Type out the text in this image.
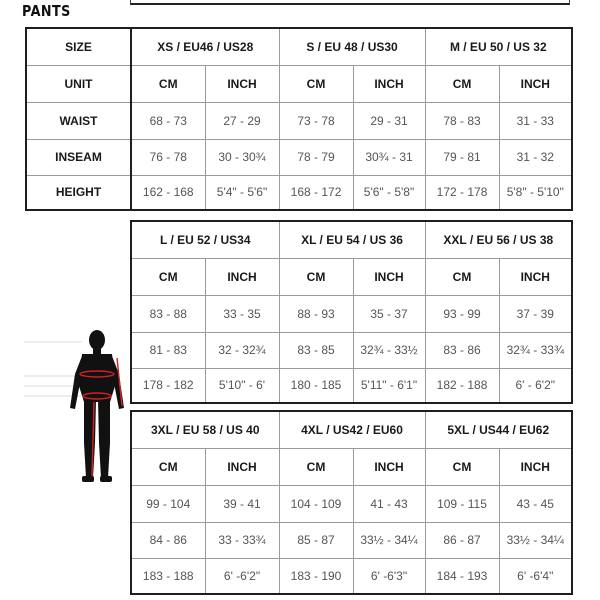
PANTS
SIZE	XS / EU46 / US28		S / EU 48 / US30		M / EU 50 / US 32	
UNIT	CM	INCH	CM	INCH	CM	INCH
WAIST	68 - 73	27 - 29	73 - 78	29 - 31	78 - 83	31 - 33
INSEAM	76 - 78	30 - 30¾	78 - 79	30¾ - 31	79 - 81	31 - 32
HEIGHT	162 - 168	5'4" - 5'6"	168 - 172	5'6" - 5'8"	172 - 178	5'8" - 5'10"
L / EU 52 / US34		XL / EU 54 / US 36		XXL / EU 56 / US 38	
CM	INCH	CM	INCH	CM	INCH
83 - 88	33 - 35	88 - 93	35 - 37	93 - 99	37 - 39
81 - 83	32 - 32¾	83 - 85	32¾ - 33½	83 - 86	32¾ - 33¾
178 - 182	5'10" - 6'	180 - 185	5'11" - 6'1"	182 - 188	6' - 6'2"
3XL / EU 58 / US 40		4XL / US42 / EU60		5XL / US44 / EU62	
CM	INCH	CM	INCH	CM	INCH
99 - 104	39 - 41	104 - 109	41 - 43	109 - 115	43 - 45
84 - 86	33 - 33¾	85 - 87	33½ - 34¼	86 - 87	33½ - 34¼
183 - 188	6' -6'2"	183 - 190	6' -6'3"	184 - 193	6' -6'4"
